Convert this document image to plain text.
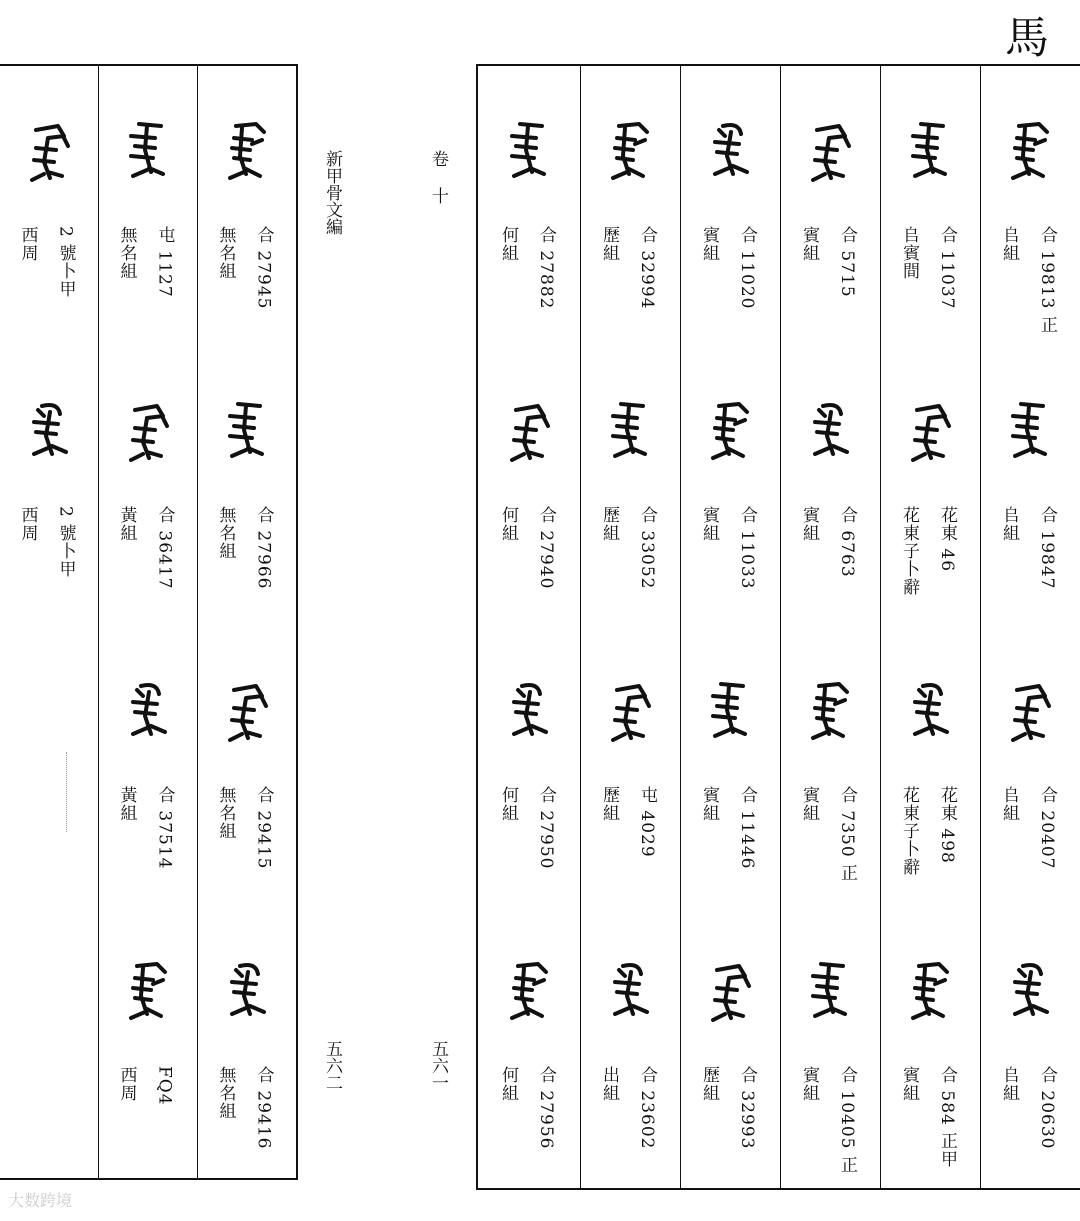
馬
卷 十
新甲骨文編
五六一
五六二
合 19813 正
𠂤組
合 19847
𠂤組
合 20407
𠂤組
合 20630
𠂤組
合 11037
𠂤賓間
花東 46
花東子卜辭
花東 498
花東子卜辭
合 584 正甲
賓組
合 5715
賓組
合 6763
賓組
合 7350 正
賓組
合 10405 正
賓組
合 11020
賓組
合 11033
賓組
合 11446
賓組
合 32993
歷組
合 32994
歷組
合 33052
歷組
屯 4029
歷組
合 23602
出組
合 27882
何組
合 27940
何組
合 27950
何組
合 27956
何組
合 27945
無名組
合 27966
無名組
合 29415
無名組
合 29416
無名組
屯 1127
無名組
合 36417
黃組
合 37514
黃組
FQ4
西周
2 號卜甲
西周
2 號卜甲
西周
大数跨境
